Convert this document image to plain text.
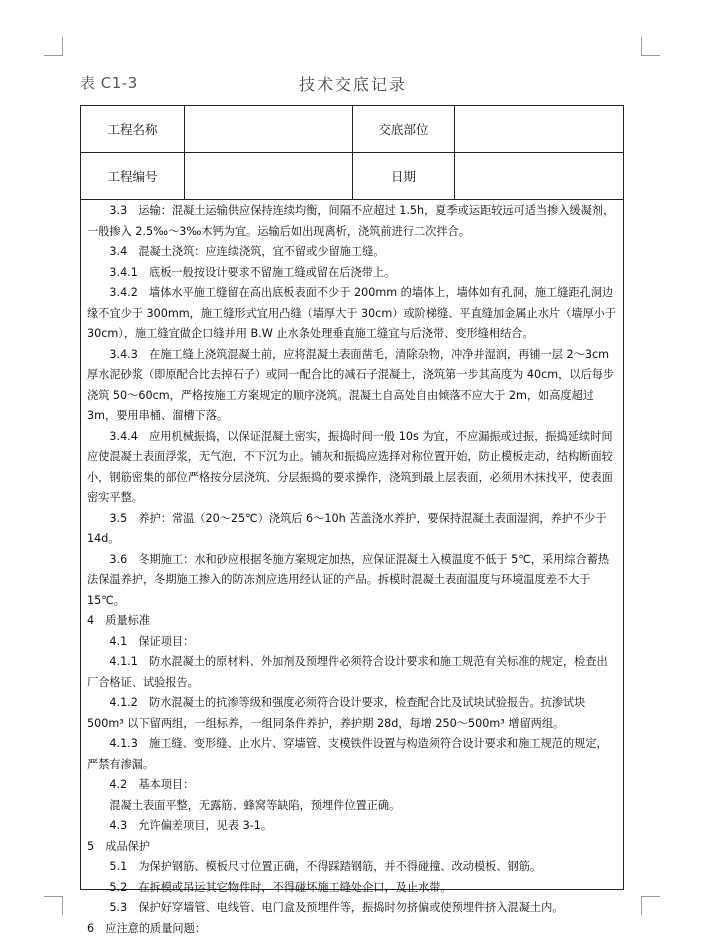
表 C1-3	技术交底记录
工程名称	交底部位
工程编号	日期

3.3　运输：混凝土运输供应保持连续均衡，间隔不应超过 1.5h，夏季或运距较远可适当掺入缓凝剂，一般掺入 2.5‰～3‰木钙为宜。运输后如出现离析，浇筑前进行二次拌合。

3.4　混凝土浇筑：应连续浇筑，宜不留或少留施工缝。

3.4.1　底板一般按设计要求不留施工缝或留在后浇带上。

3.4.2　墙体水平施工缝留在高出底板表面不少于 200mm 的墙体上，墙体如有孔洞，施工缝距孔洞边缘不宜少于 300mm，施工缝形式宜用凸缝（墙厚大于 30cm）或阶梯缝、平直缝加金属止水片（墙厚小于 30cm），施工缝宜做企口缝并用 B.W 止水条处理垂直施工缝宜与后浇带、变形缝相结合。

3.4.3　在施工缝上浇筑混凝土前，应将混凝土表面凿毛，清除杂物，冲净并湿润，再铺一层 2～3cm 厚水泥砂浆（即原配合比去掉石子）或同一配合比的减石子混凝土，浇筑第一步其高度为 40cm，以后每步浇筑 50～60cm，严格按施工方案规定的顺序浇筑。混凝土自高处自由倾落不应大于 2m，如高度超过 3m，要用串桶、溜槽下落。

3.4.4　应用机械振捣，以保证混凝土密实，振捣时间一般 10s 为宜，不应漏振或过振，振捣延续时间应使混凝土表面浮浆，无气泡，不下沉为止。铺灰和振捣应选择对称位置开始，防止模板走动，结构断面较小，钢筋密集的部位严格按分层浇筑、分层振捣的要求操作，浇筑到最上层表面，必须用木抹找平，使表面密实平整。

3.5　养护：常温（20～25℃）浇筑后 6～10h 苫盖浇水养护，要保持混凝土表面湿润，养护不少于 14d。

3.6　冬期施工：水和砂应根据冬施方案规定加热，应保证混凝土入模温度不低于 5℃，采用综合蓄热法保温养护，冬期施工掺入的防冻剂应选用经认证的产品。拆模时混凝土表面温度与环境温度差不大于 15℃。

4　质量标准

4.1　保证项目：

4.1.1　防水混凝土的原材料、外加剂及预埋件必须符合设计要求和施工规范有关标准的规定，检查出厂合格证、试验报告。

4.1.2　防水混凝土的抗渗等级和强度必须符合设计要求，检查配合比及试块试验报告。抗渗试块 500m³ 以下留两组，一组标养，一组同条件养护，养护期 28d，每增 250～500m³ 增留两组。

4.1.3　施工缝、变形缝、止水片、穿墙管、支模铁件设置与构造须符合设计要求和施工规范的规定，严禁有渗漏。

4.2　基本项目：

混凝土表面平整，无露筋、蜂窝等缺陷，预埋件位置正确。

4.3　允许偏差项目，见表 3-1。

5　成品保护

5.1　为保护钢筋、模板尺寸位置正确，不得踩踏钢筋，并不得碰撞、改动模板、钢筋。

5.2　在拆模或吊运其它物件时，不得碰坏施工缝处企口，及止水带。

5.3　保护好穿墙管、电线管、电门盒及预埋件等，振捣时勿挤偏或使预埋件挤入混凝土内。

6　应注意的质量问题：
